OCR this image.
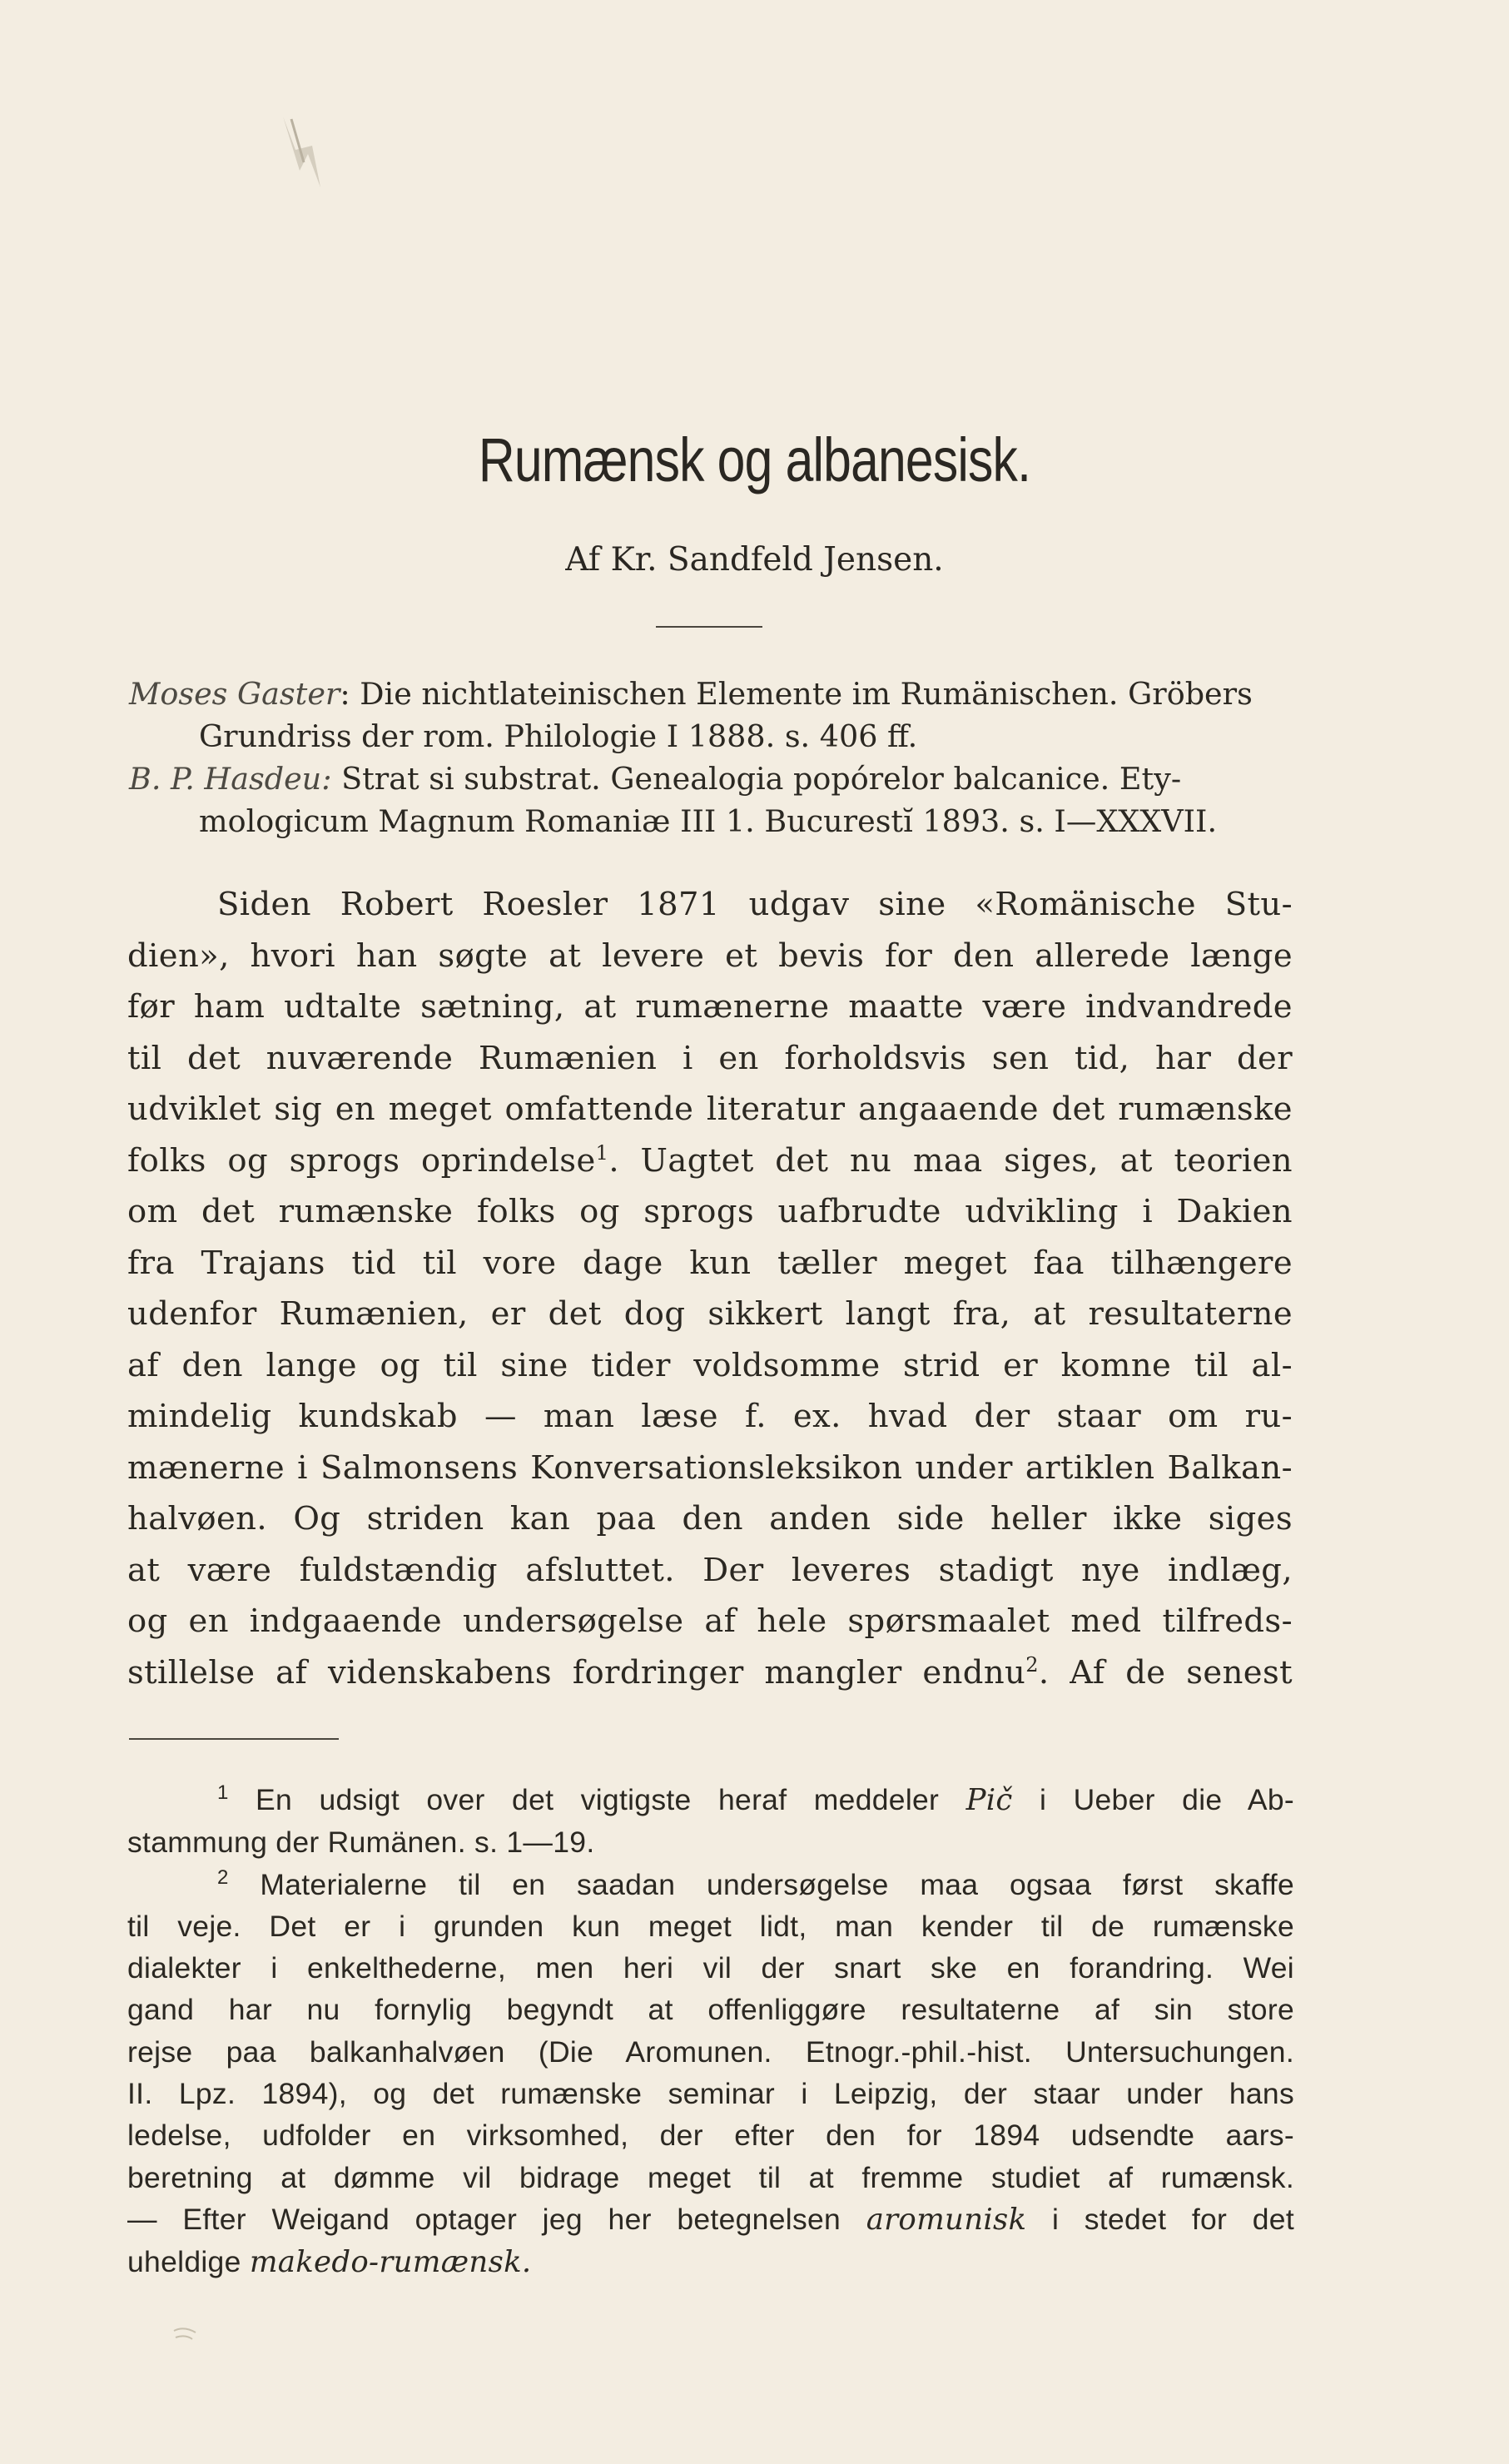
Rumænsk og albanesisk.
Af Kr. Sandfeld Jensen.
Moses Gaster: Die nichtlateinischen Elemente im Rumänischen. Gröbers
Grundriss der rom. Philologie I 1888. s. 406 ff.
B. P. Hasdeu: Strat si substrat. Genealogia popórelor balcanice. Ety-
mologicum Magnum Romaniæ III 1. Bucurestĭ 1893. s. I—XXXVII.
Siden Robert Roesler 1871 udgav sine «Romänische Stu-
dien», hvori han søgte at levere et bevis for den allerede længe
før ham udtalte sætning, at rumænerne maatte være indvandrede
til det nuværende Rumænien i en forholdsvis sen tid, har der
udviklet sig en meget omfattende literatur angaaende det rumænske
folks og sprogs oprindelse$^1$. Uagtet det nu maa siges, at teorien
om det rumænske folks og sprogs uafbrudte udvikling i Dakien
fra Trajans tid til vore dage kun tæller meget faa tilhængere
udenfor Rumænien, er det dog sikkert langt fra, at resultaterne
af den lange og til sine tider voldsomme strid er komne til al-
mindelig kundskab — man læse f. ex. hvad der staar om ru-
mænerne i Salmonsens Konversationsleksikon under artiklen Balkan-
halvøen. Og striden kan paa den anden side heller ikke siges
at være fuldstændig afsluttet. Der leveres stadigt nye indlæg,
og en indgaaende undersøgelse af hele spørsmaalet med tilfreds-
stillelse af videnskabens fordringer mangler endnu$^2$. Af de senest
$^1$ En udsigt over det vigtigste heraf meddeler Pič i Ueber die Ab-
stammung der Rumänen. s. 1—19.
$^2$ Materialerne til en saadan undersøgelse maa ogsaa først skaffe
til veje. Det er i grunden kun meget lidt, man kender til de rumænske
dialekter i enkelthederne, men heri vil der snart ske en forandring. Wei
gand har nu fornylig begyndt at offenliggøre resultaterne af sin store
rejse paa balkanhalvøen (Die Aromunen. Etnogr.-phil.-hist. Untersuchungen.
II. Lpz. 1894), og det rumænske seminar i Leipzig, der staar under hans
ledelse, udfolder en virksomhed, der efter den for 1894 udsendte aars-
beretning at dømme vil bidrage meget til at fremme studiet af rumænsk.
— Efter Weigand optager jeg her betegnelsen aromunisk i stedet for det
uheldige makedo-rumænsk.
